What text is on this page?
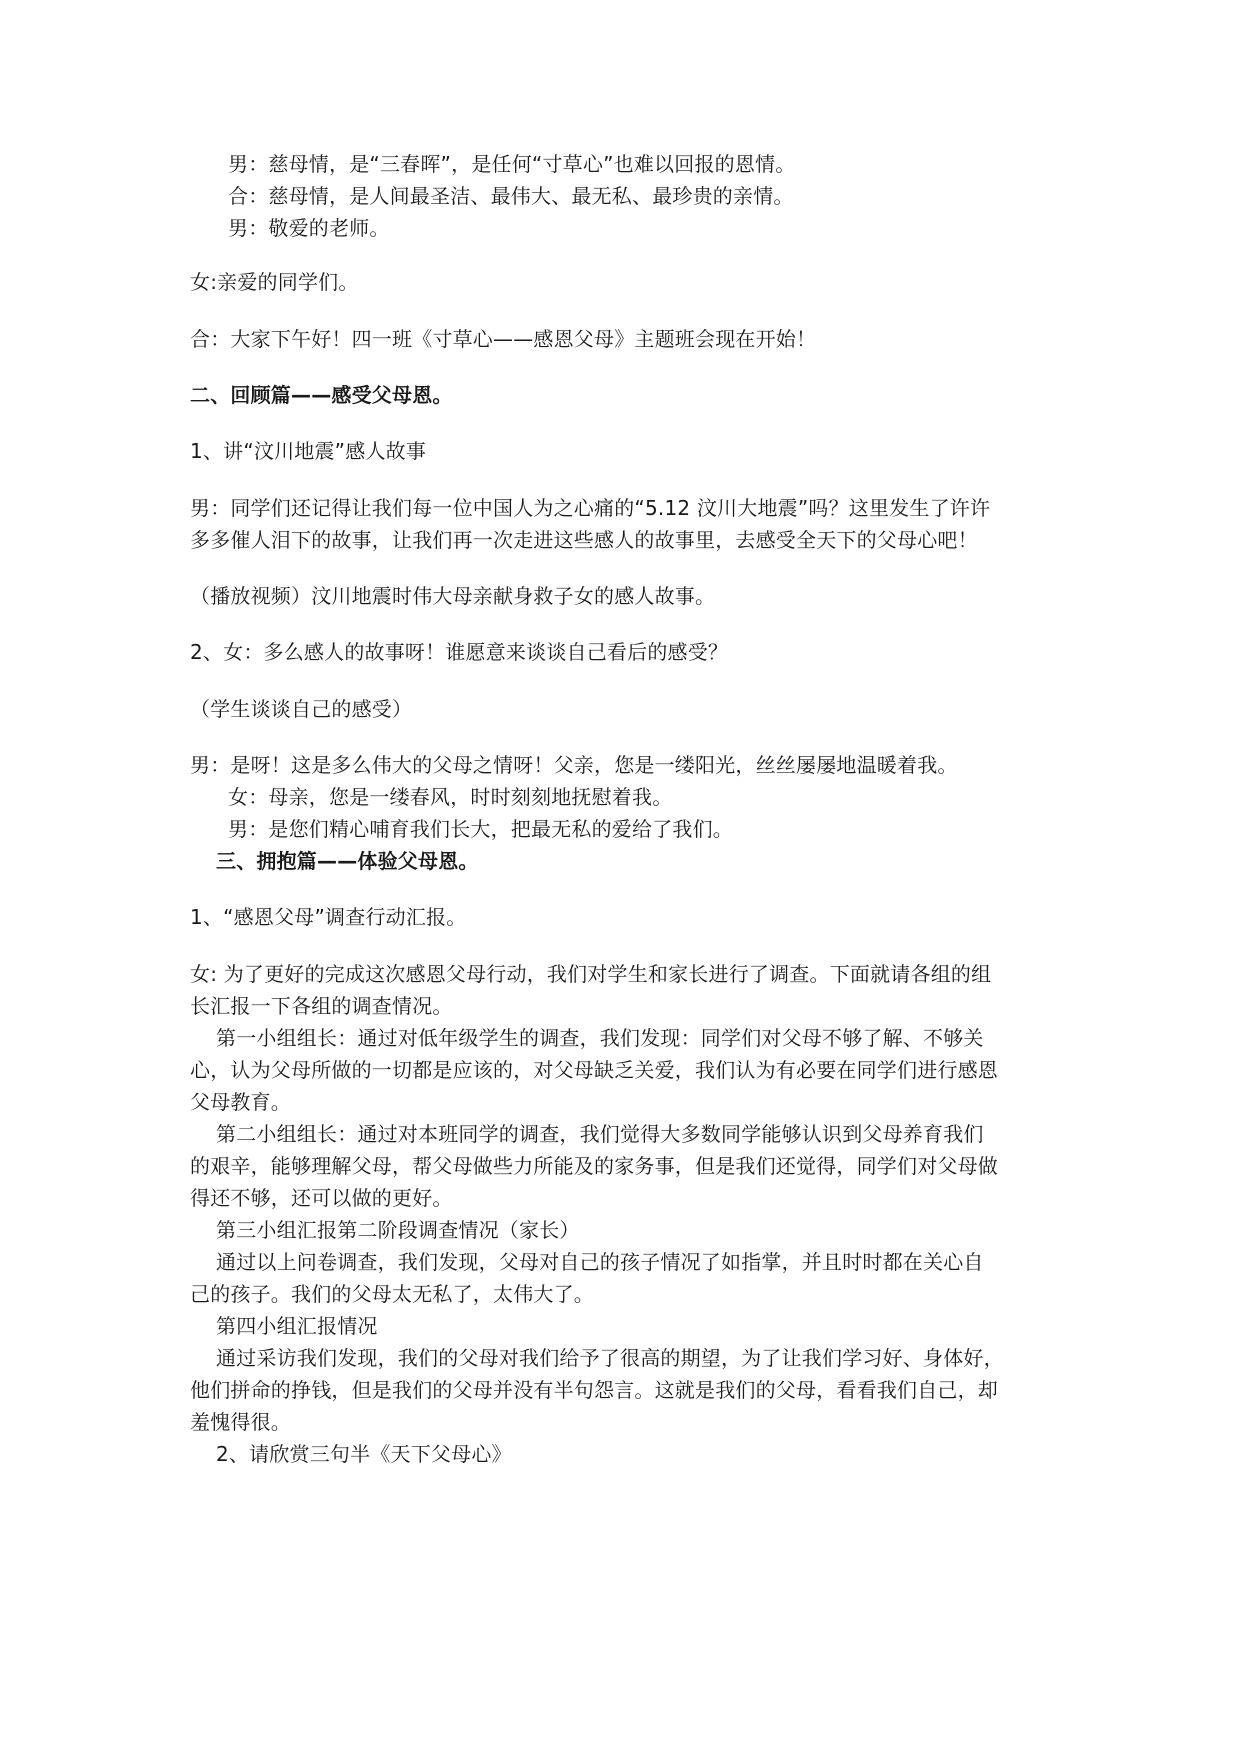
男：慈母情，是“三春晖”，是任何“寸草心”也难以回报的恩情。
合：慈母情，是人间最圣洁、最伟大、最无私、最珍贵的亲情。
男：敬爱的老师。
女:亲爱的同学们。
合：大家下午好！四一班《寸草心——感恩父母》主题班会现在开始！
二、回顾篇——感受父母恩。
1、讲“汶川地震”感人故事
男：同学们还记得让我们每一位中国人为之心痛的“5.12 汶川大地震”吗？这里发生了许许
多多催人泪下的故事，让我们再一次走进这些感人的故事里，去感受全天下的父母心吧！
（播放视频）汶川地震时伟大母亲献身救子女的感人故事。
2、女：多么感人的故事呀！谁愿意来谈谈自己看后的感受？
（学生谈谈自己的感受）
男：是呀！这是多么伟大的父母之情呀！父亲，您是一缕阳光，丝丝屡屡地温暖着我。
女：母亲，您是一缕春风，时时刻刻地抚慰着我。
男：是您们精心哺育我们长大，把最无私的爱给了我们。
三、拥抱篇——体验父母恩。
1、“感恩父母”调查行动汇报。
女: 为了更好的完成这次感恩父母行动，我们对学生和家长进行了调查。下面就请各组的组
长汇报一下各组的调查情况。
第一小组组长：通过对低年级学生的调查，我们发现：同学们对父母不够了解、不够关
心，认为父母所做的一切都是应该的，对父母缺乏关爱，我们认为有必要在同学们进行感恩
父母教育。
第二小组组长：通过对本班同学的调查，我们觉得大多数同学能够认识到父母养育我们
的艰辛，能够理解父母，帮父母做些力所能及的家务事，但是我们还觉得，同学们对父母做
得还不够，还可以做的更好。
第三小组汇报第二阶段调查情况（家长）
通过以上问卷调查，我们发现，父母对自己的孩子情况了如指掌，并且时时都在关心自
己的孩子。我们的父母太无私了，太伟大了。
第四小组汇报情况
通过采访我们发现，我们的父母对我们给予了很高的期望，为了让我们学习好、身体好，
他们拼命的挣钱，但是我们的父母并没有半句怨言。这就是我们的父母，看看我们自己，却
羞愧得很。
2、请欣赏三句半《天下父母心》
